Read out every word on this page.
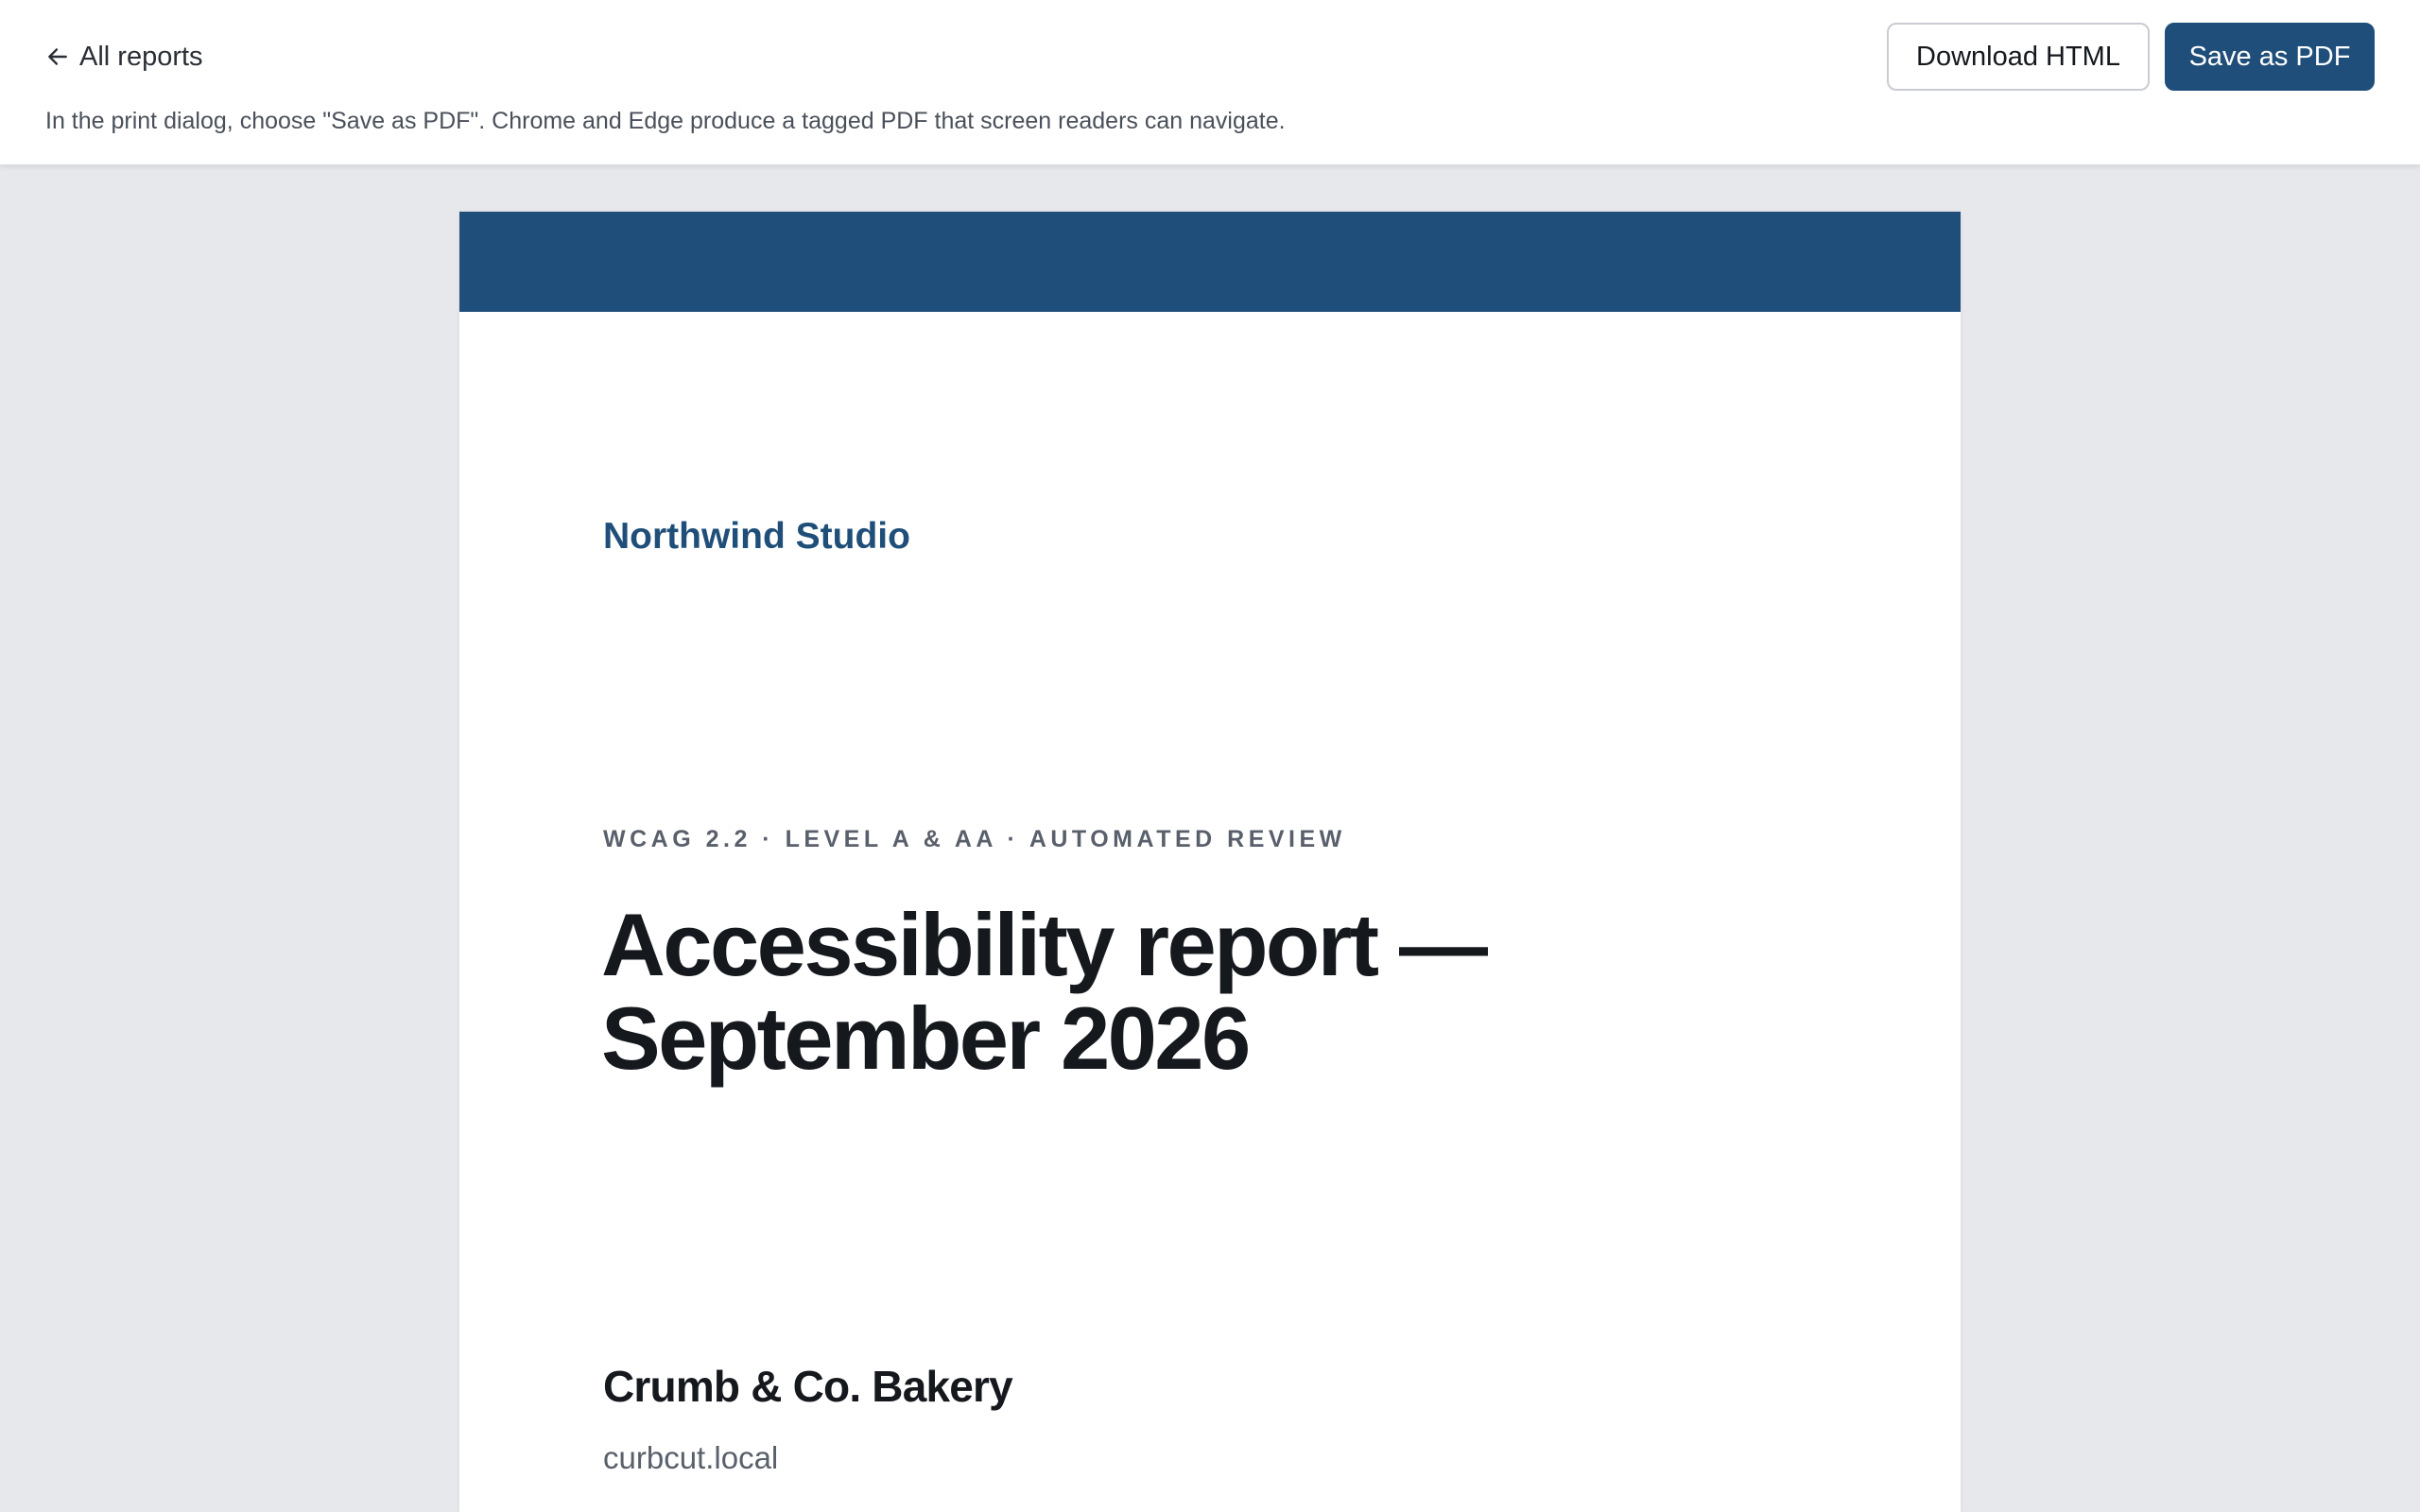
All reports

In the print dialog, choose "Save as PDF". Chrome and Edge produce a tagged PDF that screen readers can navigate.

Download HTML	Save as PDF
Northwind Studio
WCAG 2.2 · LEVEL A & AA · AUTOMATED REVIEW
Accessibility report — September 2026
Crumb & Co. Bakery
curbcut.local
